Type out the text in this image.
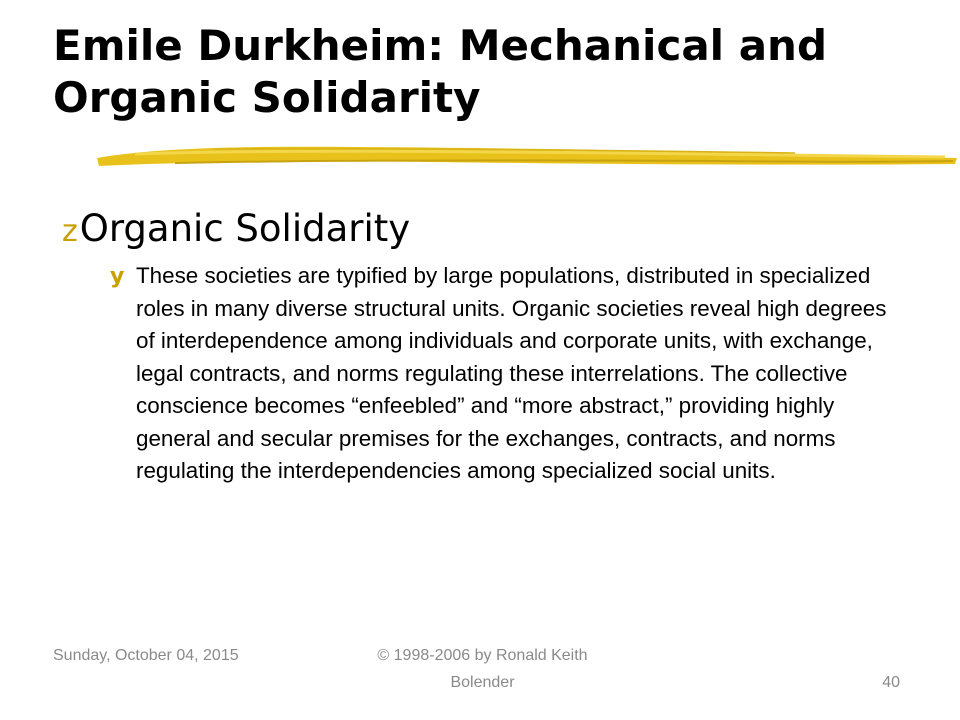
Emile Durkheim: Mechanical and Organic Solidarity
zOrganic Solidarity
y These societies are typified by large populations, distributed in specialized roles in many diverse structural units. Organic societies reveal high degrees of interdependence among individuals and corporate units, with exchange, legal contracts, and norms regulating these interrelations. The collective conscience becomes “enfeebled” and “more abstract,” providing highly general and secular premises for the exchanges, contracts, and norms regulating the interdependencies among specialized social units.

Sunday, October 04, 2015	© 1998-2006 by Ronald Keith Bolender	40
